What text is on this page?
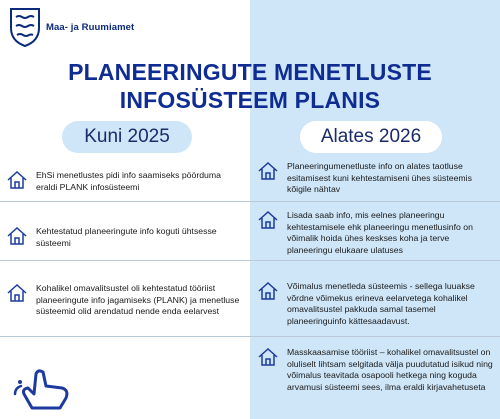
Maa- ja Ruumiamet
PLANEERINGUTE MENETLUSTE
INFOSÜSTEEM PLANIS
Kuni 2025	Alates 2026
EhSi menetlustes pidi info saamiseks pöörduma eraldi PLANK infosüsteemi
Kehtestatud planeeringute info koguti ühtsesse süsteemi
Kohalikel omavalitsustel oli kehtestatud tööriist planeeringute info jagamiseks (PLANK) ja menetluse süsteemid olid arendatud nende enda eelarvest
Planeeringumenetluste info on alates taotluse esitamisest kuni kehtestamiseni ühes süsteemis kõigile nähtav
Lisada saab info, mis eelnes planeeringu kehtestamisele ehk planeeringu menetlusinfo on võimalik hoida ühes keskses koha ja terve planeeringu elukaare ulatuses
Võimalus menetleda süsteemis - sellega luuakse võrdne võimekus erineva eelarvetega kohalikel omavalitsustel pakkuda samal tasemel planeeringuinfo kättesaadavust.
Masskaasamise tööriist – kohalikel omavalitsustel on oluliselt lihtsam selgitada välja puudutatud isikud ning võimalus teavitada osapooli hetkega ning koguda arvamusi süsteemi sees, ilma eraldi kirjavahetuseta
